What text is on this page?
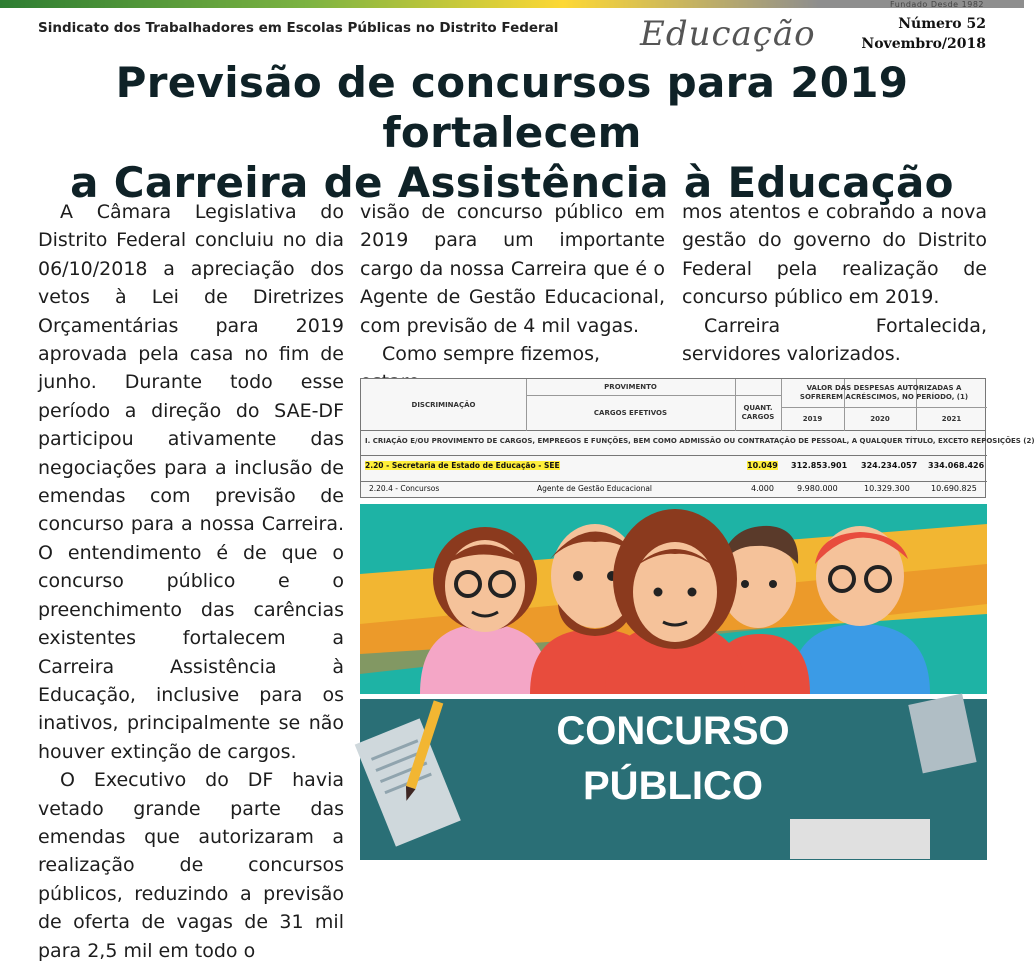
Fundado Desde 1982
Sindicato dos Trabalhadores em Escolas Públicas no Distrito Federal Educação	Número 52
Novembro/2018
Previsão de concursos para 2019 fortalecem
a Carreira de Assistência à Educação

A Câmara Legislativa do Distrito Federal concluiu no dia 06/10/2018 a apreciação dos vetos à Lei de Diretrizes Orçamentárias para 2019 aprovada pela casa no fim de junho. Durante todo esse período a direção do SAE-DF participou ativamente das negociações para a inclusão de emendas com previsão de concurso para a nossa Carreira. O entendimento é de que o concurso público e o preenchimento das carências existentes fortalecem a Carreira Assistência à Educação, inclusive para os inativos, principalmente se não houver extinção de cargos.

O Executivo do DF havia vetado grande parte das emendas que autorizaram a realização de concursos públicos, reduzindo a previsão de oferta de vagas de 31 mil para 2,5 mil em todo o

visão de concurso público em 2019 para um importante cargo da nossa Carreira que é o Agente de Gestão Educacional, com previsão de 4 mil vagas.

Como sempre fizemos,

mos atentos e cobrando a nova gestão do governo do Distrito Federal pela realização de concurso público em 2019.

Carreira Fortalecida, servidores valorizados.

DISCRIMINAÇÃO
PROVIMENTO
CARGOS EFETIVOS
QUANT. CARGOS
VALOR DAS DESPESAS AUTORIZADAS A SOFREREM ACRÉSCIMOS, NO PERÍODO, (1)
2019	2020	2021
I. CRIAÇÃO E/OU PROVIMENTO DE CARGOS, EMPREGOS E FUNÇÕES, BEM COMO ADMISSÃO OU CONTRATAÇÃO DE PESSOAL, A QUALQUER TÍTULO, EXCETO REPOSIÇÕES (2)
2.20 - Secretaria de Estado de Educação - SEE	10.049 312.853.901 324.234.057 334.068.426
2.20.4 - Concursos	Agente de Gestão Educacional	4.000	9.980.000	10.329.300	10.690.825
CONCURSO
PÚBLICO
